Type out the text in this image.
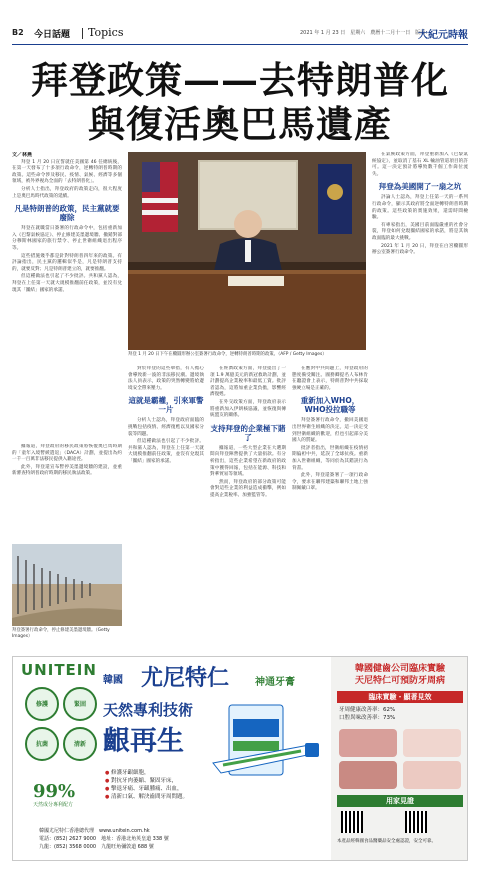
B2 今日話題 Topics	2021 年 1 月 23 日　星期六　農曆十二月十一日　版面：
大紀元時報
拜登政策——去特朗普化
與復活奧巴馬遺產

文／林燕

拜登 1 月 20 日宣誓就任美國第 46 任總統後，在第一天發布了十多項行政命令，逆轉特朗普時期的政策。這些命令涉及移民、疫情、氣候、經濟等多個領域，被外界視為全面的「去特朗普化」。

分析人士指出，拜登政府的政策走向，很大程度上是奧巴馬時代政策的延續。

凡是特朗普的政策，民主黨就要廢除

拜登在就職當日簽署的行政命令中，包括重新加入《巴黎氣候協定》、停止修建美墨邊境牆、撤銷對部分穆斯林國家的旅行禁令、停止世衛組織退出程序等。

這些措施幾乎都是針對特朗普四年來的政策。有評論指出，民主黨的邏輯似乎是，凡是特朗普支持的，就要反對；凡是特朗普建立的，就要推翻。

但這種做法也引起了不少批評。共和黨人認為，拜登在上任第一天就大規模推翻前任政策，並沒有兌現其「團結」國家的承諾。

拜登 1 月 20 日下午在橢圓形辦公室簽署行政命令，逆轉特朗普時期的政策。（AFP / Getty Images）

在氣候政策方面，拜登重新加入《巴黎氣候協定》，並取消了基石 XL 輸油管道項目的許可。這一決定預計將導致數千個工作崗位流失。

拜登為美國開了一扇之坑

評論人士認為，拜登上任第一天的一系列行政命令，顯示其政府將全面逆轉特朗普時期的政策。這些政策的實施效果，還需時間檢驗。

有專家指出，美國目前面臨嚴重的社會分裂，拜登如何兌現團結國家的承諾，將是其執政面臨的最大挑戰。

2021 年 1 月 20 日，拜登在白宮橢圓形辦公室簽署行政命令。

拜登簽署行政命令，停止修建美墨邊境牆。（Getty Images）

據報道，拜登政府的移民政策將恢復奧巴馬時期的「童年入境暫緩遣返」（DACA）計劃，並提出為約一千一百萬非法移民提供入籍途徑。

此外，拜登還宣布暫停美墨邊境牆的建設，並重新審查特朗普政府時期的移民執法政策。

對於拜登的這些舉措，有人擔心會導致新一波的非法移民潮。邊境執法人員表示，政策的突然轉變將給邊境安全帶來壓力。

這就是霸權，引來軍警一片

分析人士認為，拜登政府面臨的挑戰包括疫情、經濟復甦以及國家分裂等問題。

但這種做法也引起了不少批評。共和黨人認為，拜登在上任第一天就大規模推翻前任政策，並沒有兌現其「團結」國家的承諾。

在經濟政策方面，拜登提出了一項 1.9 萬億美元的新冠救助計劃，並計劃提高企業稅率和最低工資。批評者認為，這將加重企業負擔，影響經濟復甦。

在外交政策方面，拜登政府表示將重新加入伊朗核協議，並恢復與傳統盟友的關係。

支持拜登的企業極下賭了

據報道，一些大型企業在大選期間向拜登陣營提供了大量捐款。有分析指出，這些企業希望在新政府的政策中獲得回報，包括在能源、科技和對華貿易等領域。

然而，拜登政府的部分政策可能會對這些企業的利益造成衝擊，例如提高企業稅率、加強監管等。

在應對中共問題上，拜登政府的態度備受關注。國務卿提名人布林肯在聽證會上表示，特朗普對中共採取強硬立場是正確的。

重新加入WHO，WHO投拉職等

拜登簽署行政命令，撤回美國退出世界衛生組織的決定。這一決定受到世衛組織的歡迎，但也引起部分美國人的質疑。

批評者指出，世衛組織在疫情初期偏袒中共，延誤了全球抗疫。重新加入世衛組織，等同於為其錯誤行為背書。

此外，拜登還簽署了一項行政命令，要求在聯邦建築和聯邦土地上強制佩戴口罩。

UNITEIN
韓國 尤尼特仁	神通牙膏
修護	緊固
抗菌	清新
99%
天然成分專利配方
天然專利技術
齦再生
● 修護牙齦細胞，
● 對抗牙肉萎縮、緊固牙床，
● 擊退牙痛、牙齦腫痛、出血，
● 清新口氣、解決齒間牙周問題。
韓國尤尼特仁香港總代理　www.unitein.com.hk
電話：(852) 2627 9000　地址：香港北角英皇道 338 號
九龍：(852) 3568 0000　九龍旺角彌敦道 688 號
韓國健齒公司臨床實驗
天尼特仁可預防牙周病
臨床實驗・顯著見效
牙周健康改善率：62%
口腔異味改善率：73%
用家見證
本產品經韓國食品醫藥品安全處認證，安全可靠。
